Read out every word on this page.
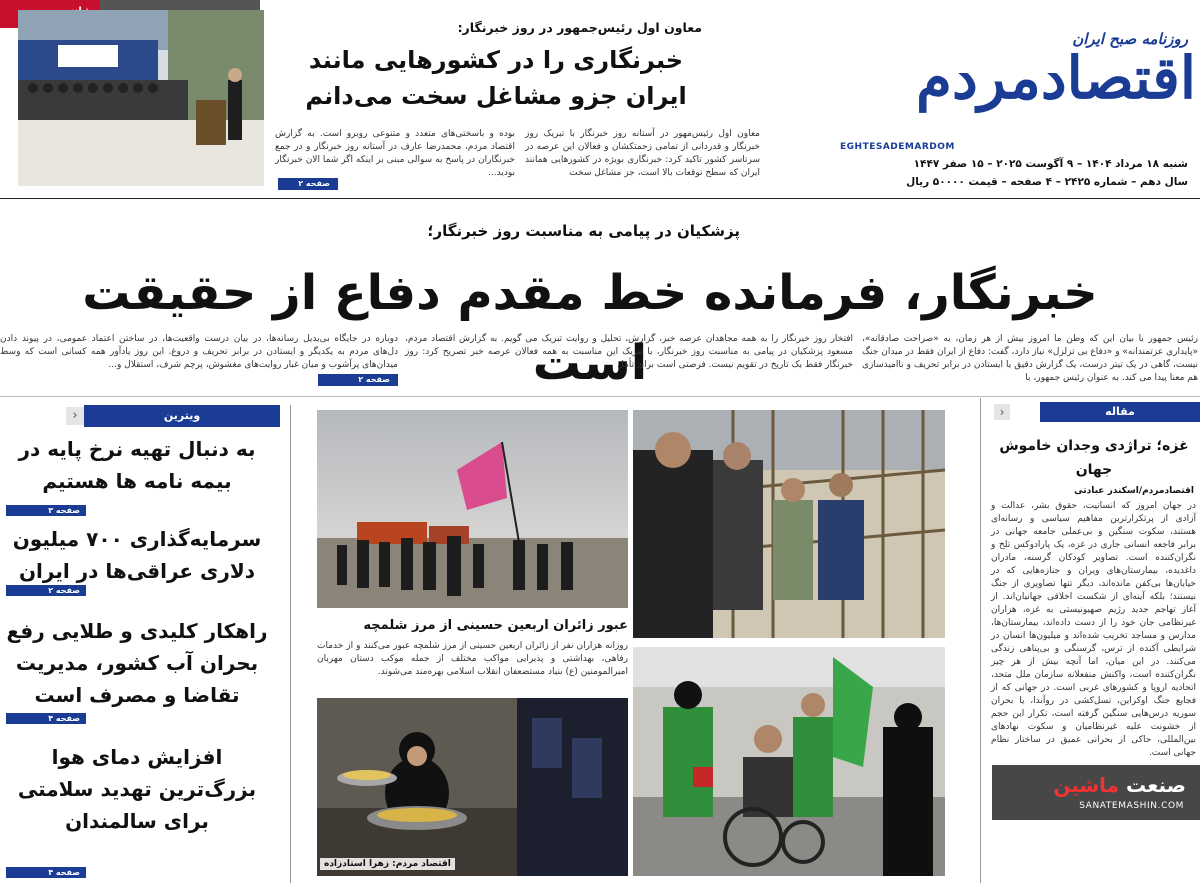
روزنامه صبح ایران
اقتصادمردم
EGHTESADEMARDOM
شنبه ۱۸ مرداد ۱۴۰۴ – ۹ آگوست ۲۰۲۵ – ۱۵ صفر ۱۴۴۷
سال دهم – شماره ۲۴۲۵ – ۴ صفحه – قیمت ۵۰۰۰۰ ریال
معاون اول رئیس‌جمهور در روز خبرنگار:
خبرنگاری را در کشورهایی مانند ایران جزو مشاغل سخت می‌دانم
معاون اول رئیس‌مهور در آستانه روز خبرنگار با تبریک روز خبرنگار و قدردانی از تمامی زحمتکشان و فعالان این عرصه در سرتاسر کشور تاکید کرد: خبرنگاری بویژه در کشورهایی همانند ایران که سطح توقعات بالا است، جز مشاغل سخت
بوده و باسختی‌های متعدد و متنوعی روبرو است. به گزارش اقتصاد مردم، محمدرضا عارف در آستانه روز خبرنگار و در جمع خبرنگاران در پاسخ به سوالی مبنی بر اینکه اگر شما الان خبرنگار بودید...
صفحه ۲
پزشکیان در پیامی به مناسبت روز خبرنگار؛
خبرنگار، فرمانده خط مقدم دفاع از حقیقت است	رئیس جمهور با بیان این که وطن ما امروز بیش از هر زمان، به «صراحت صادقانه»، «پایداری عزتمندانه» و «دفاع بی تزلزل» نیاز دارد، گفت: دفاع از ایران فقط در میدان جنگ نیست، گاهی در یک تیتر درست، یک گزارش دقیق یا ایستادن در برابر تحریف و ناامیدسازی هم معنا پیدا می کند. به عنوان رئیس جمهور، با
افتخار روز خبرنگار را به همه مجاهدان عرصه خبر، گزارش، تحلیل و روایت تبریک می گویم. به گزارش اقتصاد مردم، مسعود پزشکیان در پیامی به مناسبت روز خبرنگار، با تبریک این مناسبت به همه فعالان عرصه خبر تصریح کرد: روز خبرنگار فقط یک تاریخ در تقویم نیست. فرصتی است برای تأمل
دوباره در جایگاه بی‌بدیل رسانه‌ها، در بیان درست واقعیت‌ها، در ساختن اعتماد عمومی، در پیوند دادن دل‌های مردم به یکدیگر و ایستادن در برابر تحریف و دروغ. این روز یادآور همه کسانی است که وسط میدان‌های پرآشوب و میان غبار روایت‌های مغشوش، پرچم شرف، استقلال و...
صفحه ۲
ویترین
‹
به دنبال تهیه نرخ پایه در بیمه نامه ها هستیم
صفحه ۳
سرمایه‌گذاری ۷۰۰ میلیون دلاری عراقی‌ها در ایران
صفحه ۲
راهکار کلیدی و طلایی رفع بحران آب کشور، مدیریت تقاضا و مصرف است
صفحه ۴
افزایش دمای هوا بزرگ‌ترین تهدید سلامتی برای سالمندان
صفحه ۴
عبور زائران اربعین حسینی از مرز شلمچه
روزانه هزاران نفر از زائران اربعین حسینی از مرز شلمچه عبور می‌کنند و از خدمات رفاهی، بهداشتی و پذیرایی مواکب مختلف از جمله موکب دستان مهربان امیرالمومنین (ع) بنیاد مستضعفان انقلاب اسلامی بهره‌مند می‌شوند.
اقتصاد مردم: زهرا استادزاده
مقاله
‹
غزه؛ تراژدی وجدان خاموش جهان
اقتصادمردم/اسکندر عبادتی
در جهان امروز که انسانیت، حقوق بشر، عدالت و آزادی از پرتکرارترین مفاهیم سیاسی و رسانه‌ای هستند، سکوت سنگین و بی‌عملی جامعه جهانی در برابر فاجعه انسانی جاری در غزه، یک پارادوکس تلخ و نگران‌کننده است. تصاویر کودکان گرسنه، مادران داغدیده، بیمارستان‌های ویران و جنازه‌هایی که در خیابان‌ها بی‌کفن مانده‌اند، دیگر تنها تصاویری از جنگ نیستند؛ بلکه آینه‌ای از شکست اخلاقی جهانیان‌اند. از آغاز تهاجم جدید رژیم صهیونیستی به غزه، هزاران غیرنظامی جان خود را از دست داده‌اند، بیمارستان‌ها، مدارس و مساجد تخریب شده‌اند و میلیون‌ها انسان در شرایطی آکنده از ترس، گرسنگی و بی‌پناهی زندگی می‌کنند. در این میان، اما آنچه بیش از هر چیز نگران‌کننده است، واکنش منفعلانه سازمان ملل متحد، اتحادیه اروپا و کشورهای غربی است. در جهانی که از فجایع جنگ اوکراین، تسل‌کشی در روآندا، یا بحران سوریه درس‌هایی سنگین گرفته است، تکرار این حجم از خشونت علیه غیرنظامیان و سکوت نهادهای بین‌المللی، حاکی از بحرانی عمیق در ساختار نظام جهانی است.
صنعت ماشین
SANATEMASHIN.COM
